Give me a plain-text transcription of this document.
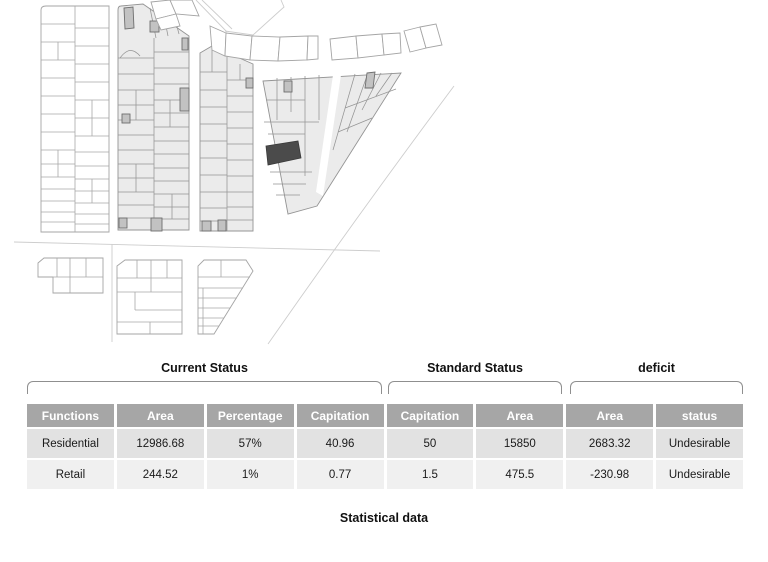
Current Status	Standard Status	deficit
Functions	Area	Percentage	Capitation	Capitation	Area	Area	status
Residential	12986.68	57%	40.96	50	15850	2683.32	Undesirable
Retail	244.52	1%	0.77	1.5	475.5	-230.98	Undesirable
Statistical data
